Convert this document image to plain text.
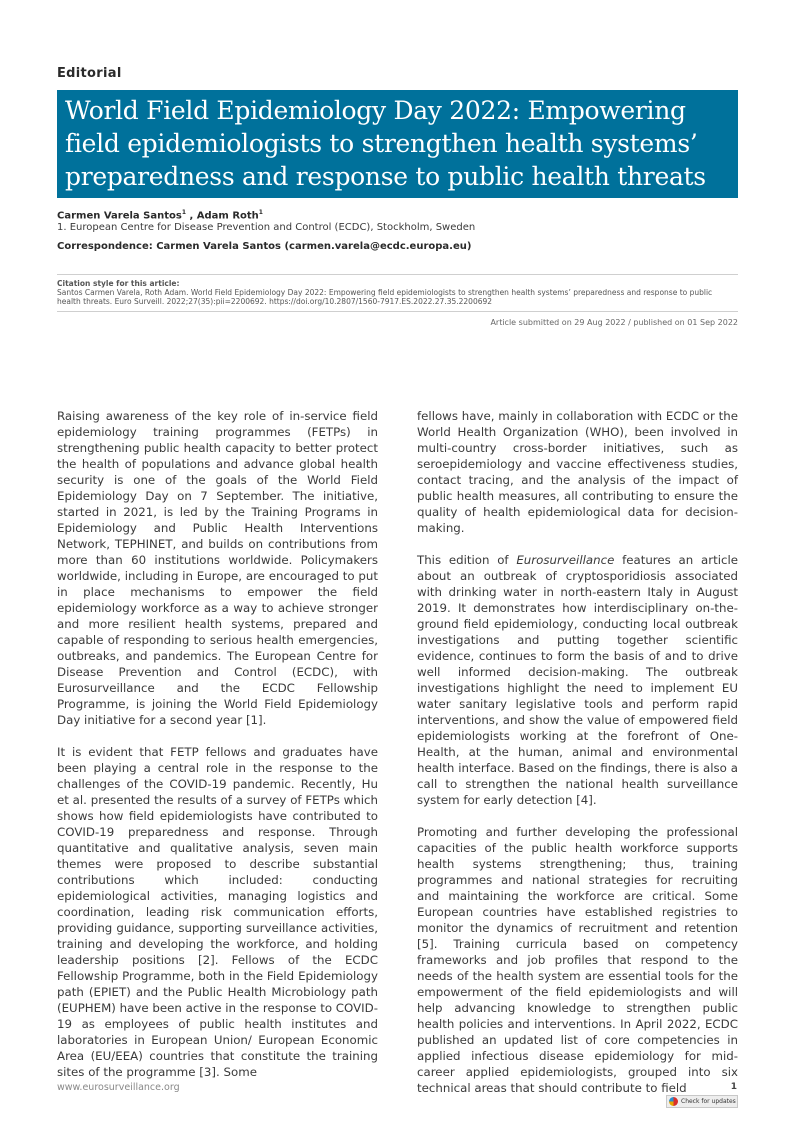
Editorial
World Field Epidemiology Day 2022: Empowering field epidemiologists to strengthen health systems’ preparedness and response to public health threats
Carmen Varela Santos$^1$ , Adam Roth$^1$
1. European Centre for Disease Prevention and Control (ECDC), Stockholm, Sweden
Correspondence: Carmen Varela Santos (carmen.varela@ecdc.europa.eu)
Citation style for this article:
Santos Carmen Varela, Roth Adam. World Field Epidemiology Day 2022: Empowering field epidemiologists to strengthen health systems’ preparedness and response to public health threats. Euro Surveill. 2022;27(35):pii=2200692. https://doi.org/10.2807/1560-7917.ES.2022.27.35.2200692
Article submitted on 29 Aug 2022 / published on 01 Sep 2022

Raising awareness of the key role of in-service field epidemiology training programmes (FETPs) in strengthening public health capacity to better protect the health of populations and advance global health security is one of the goals of the World Field Epidemiology Day on 7 September. The initiative, started in 2021, is led by the Training Programs in Epidemiology and Public Health Interventions Network, TEPHINET, and builds on contributions from more than 60 institutions worldwide. Policymakers worldwide, including in Europe, are encouraged to put in place mechanisms to empower the field epidemiology workforce as a way to achieve stronger and more resilient health systems, prepared and capable of responding to serious health emergencies, outbreaks, and pandemics. The European Centre for Disease Prevention and Control (ECDC), with Eurosurveillance and the ECDC Fellowship Programme, is joining the World Field Epidemiology Day initiative for a second year [1].

It is evident that FETP fellows and graduates have been playing a central role in the response to the challenges of the COVID-19 pandemic. Recently, Hu et al. presented the results of a survey of FETPs which shows how field epidemiologists have contributed to COVID-19 preparedness and response. Through quantitative and qualitative analysis, seven main themes were proposed to describe substantial contributions which included: conducting epidemiological activities, managing logistics and coordination, leading risk communication efforts, providing guidance, supporting surveillance activities, training and developing the workforce, and holding leadership positions [2]. Fellows of the ECDC Fellowship Programme, both in the Field Epidemiology path (EPIET) and the Public Health Microbiology path (EUPHEM) have been active in the response to COVID-19 as employees of public health institutes and laboratories in European Union/ European Economic Area (EU/EEA) countries that constitute the training sites of the programme [3]. Some

fellows have, mainly in collaboration with ECDC or the World Health Organization (WHO), been involved in multi-country cross-border initiatives, such as seroepidemiology and vaccine effectiveness studies, contact tracing, and the analysis of the impact of public health measures, all contributing to ensure the quality of health epidemiological data for decision-making.

This edition of Eurosurveillance features an article about an outbreak of cryptosporidiosis associated with drinking water in north-eastern Italy in August 2019. It demonstrates how interdisciplinary on-the-ground field epidemiology, conducting local outbreak investigations and putting together scientific evidence, continues to form the basis of and to drive well informed decision-making. The outbreak investigations highlight the need to implement EU water sanitary legislative tools and perform rapid interventions, and show the value of empowered field epidemiologists working at the forefront of One-Health, at the human, animal and environmental health interface. Based on the findings, there is also a call to strengthen the national health surveillance system for early detection [4].

Promoting and further developing the professional capacities of the public health workforce supports health systems strengthening; thus, training programmes and national strategies for recruiting and maintaining the workforce are critical. Some European countries have established registries to monitor the dynamics of recruitment and retention [5]. Training curricula based on competency frameworks and job profiles that respond to the needs of the health system are essential tools for the empowerment of the field epidemiologists and will help advancing knowledge to strengthen public health policies and interventions. In April 2022, ECDC published an updated list of core competencies in applied infectious disease epidemiology for mid-career applied epidemiologists, grouped into six technical areas that should contribute to field

www.eurosurveillance.org	1
Check for updates
